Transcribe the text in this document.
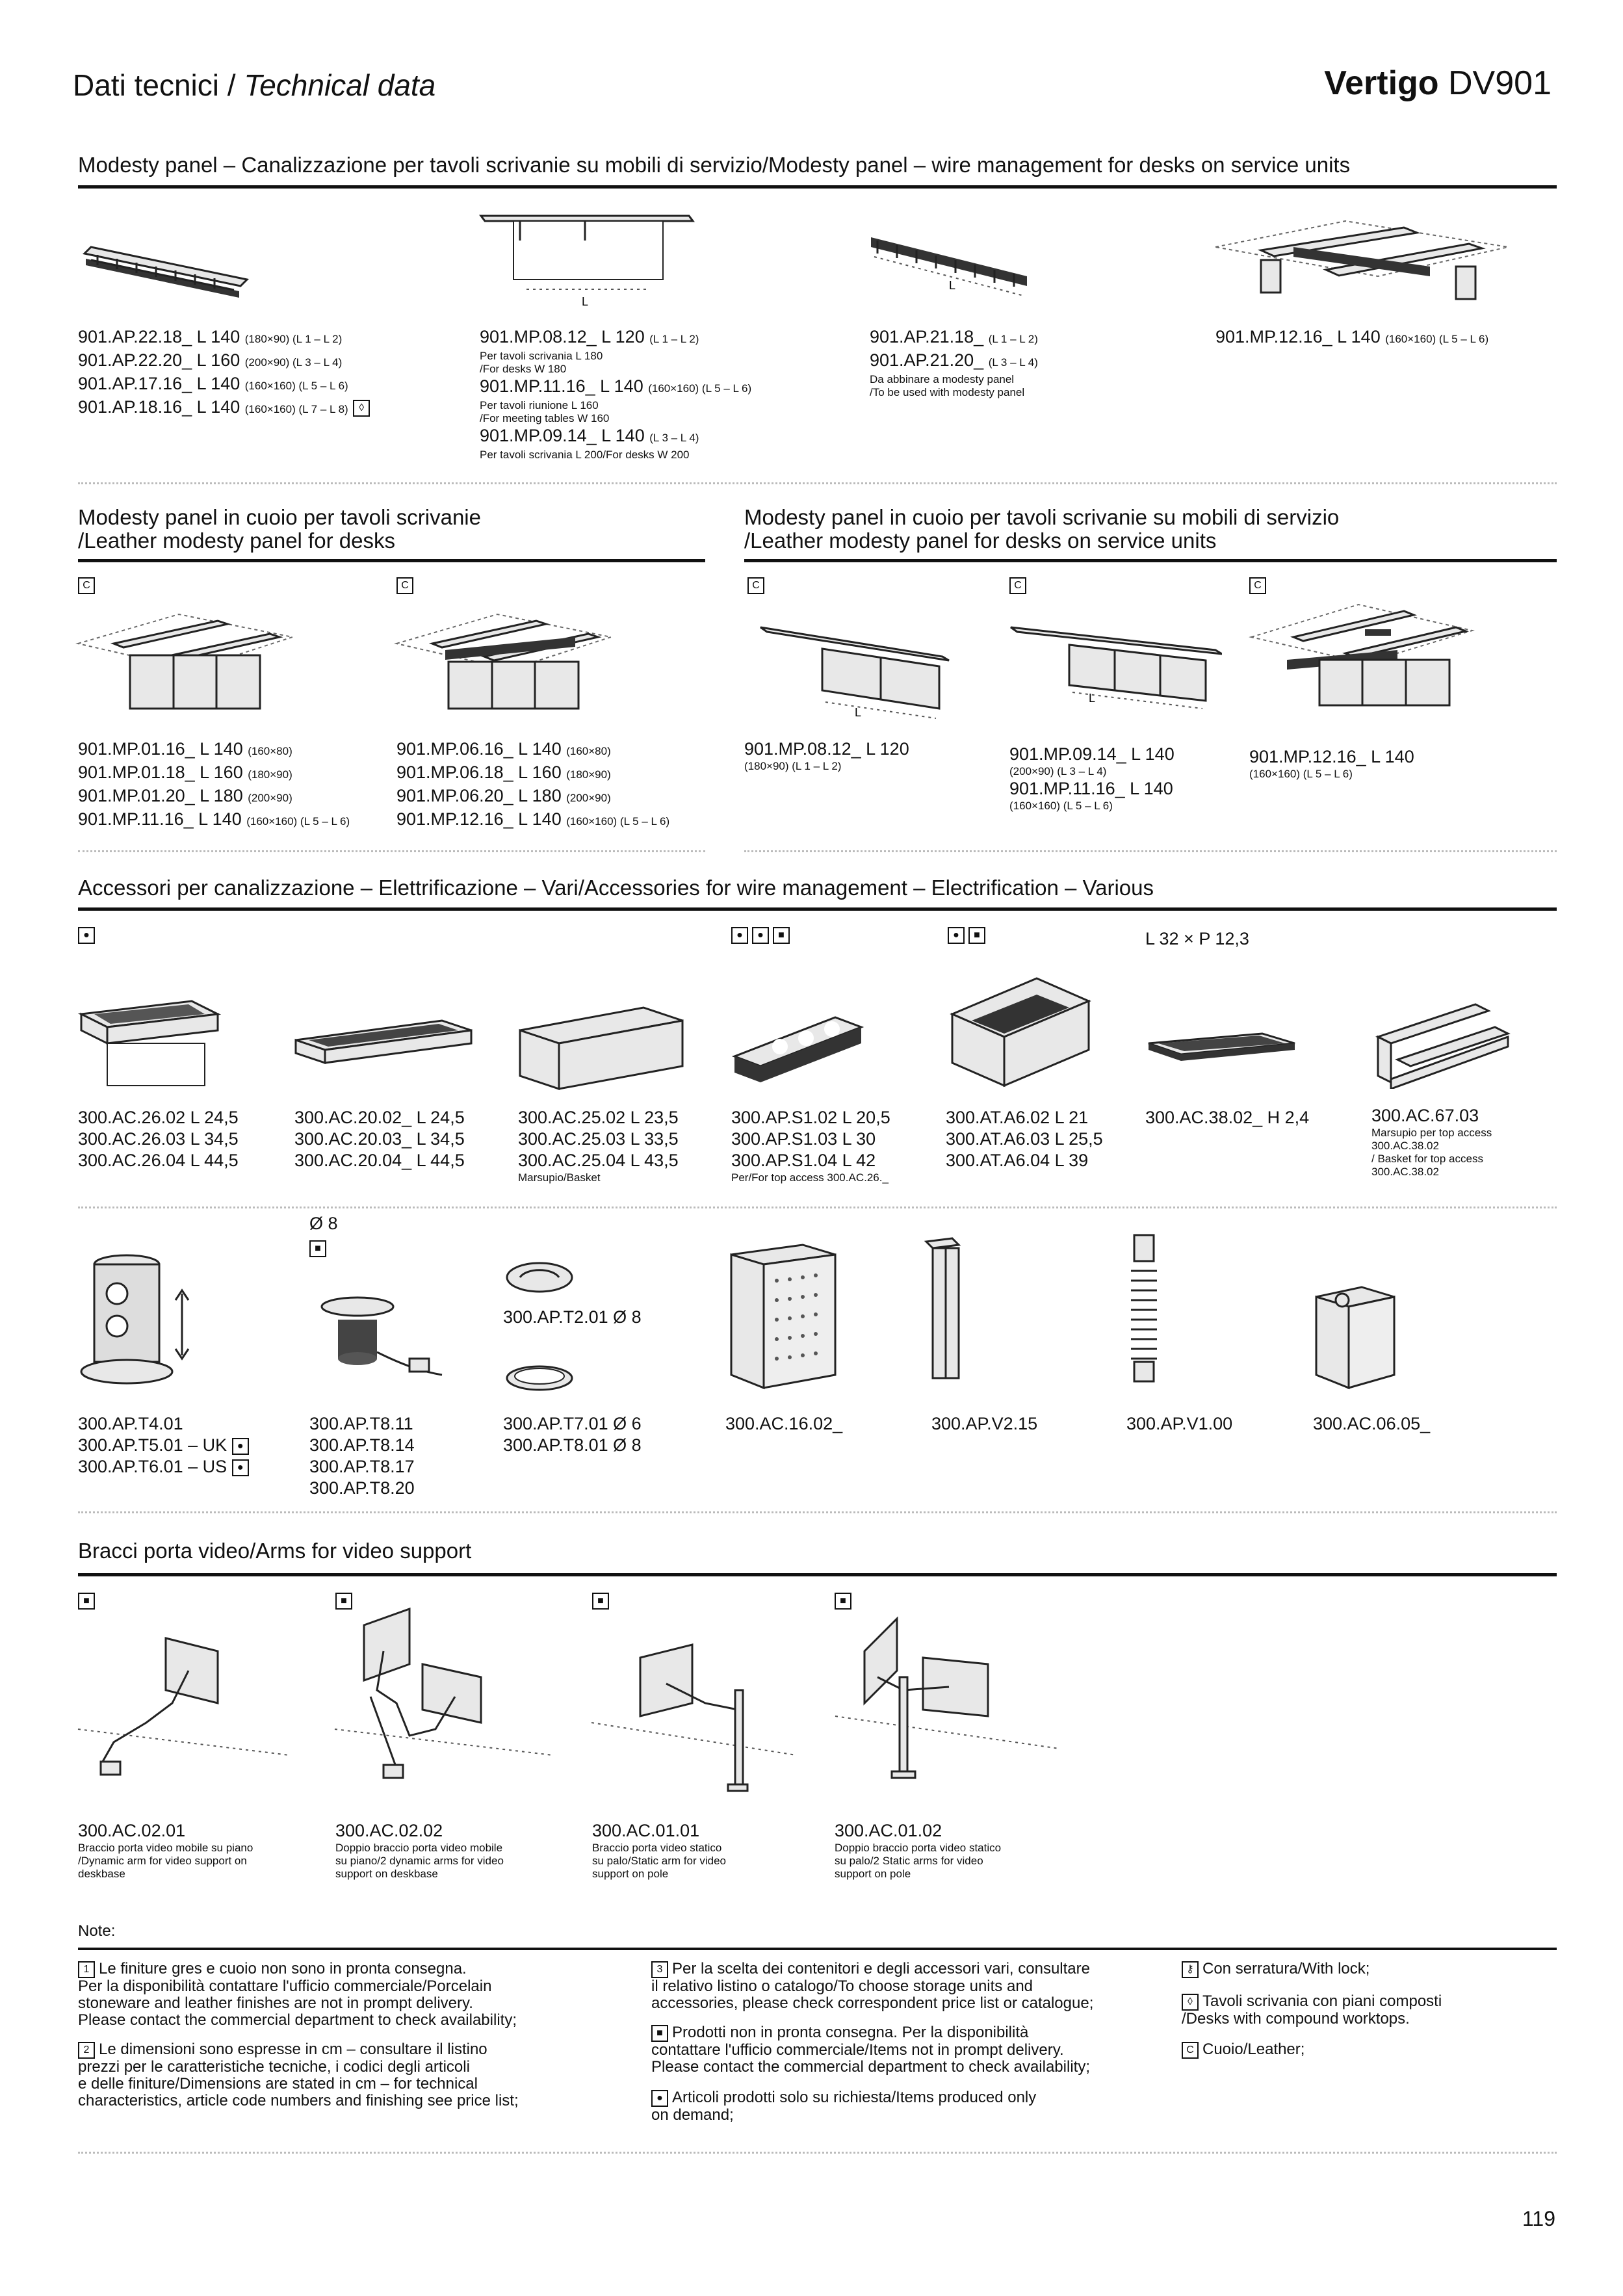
Dati tecnici / Technical data	Vertigo DV901
Modesty panel – Canalizzazione per tavoli scrivanie su mobili di servizio/Modesty panel – wire management for desks on service units
L
L
901.AP.22.18_ L 140 (180×90) (L 1 – L 2)
901.AP.22.20_ L 160 (200×90) (L 3 – L 4)
901.AP.17.16_ L 140 (160×160) (L 5 – L 6)
901.AP.18.16_ L 140 (160×160) (L 7 – L 8) ◊
901.MP.08.12_ L 120 (L 1 – L 2)
Per tavoli scrivania L 180
/For desks W 180
901.MP.11.16_ L 140 (160×160) (L 5 – L 6)
Per tavoli riunione L 160
/For meeting tables W 160
901.MP.09.14_ L 140 (L 3 – L 4)
Per tavoli scrivania L 200/For desks W 200
901.AP.21.18_ (L 1 – L 2)
901.AP.21.20_ (L 3 – L 4)
Da abbinare a modesty panel
/To be used with modesty panel
901.MP.12.16_ L 140 (160×160) (L 5 – L 6)
Modesty panel in cuoio per tavoli scrivanie
/Leather modesty panel for desks
C	C
901.MP.01.16_ L 140 (160×80)
901.MP.01.18_ L 160 (180×90)
901.MP.01.20_ L 180 (200×90)
901.MP.11.16_ L 140 (160×160) (L 5 – L 6)
901.MP.06.16_ L 140 (160×80)
901.MP.06.18_ L 160 (180×90)
901.MP.06.20_ L 180 (200×90)
901.MP.12.16_ L 140 (160×160) (L 5 – L 6)
Modesty panel in cuoio per tavoli scrivanie su mobili di servizio
/Leather modesty panel for desks on service units
C	C	C
L
L
901.MP.08.12_ L 120
(180×90) (L 1 – L 2)
901.MP.09.14_ L 140
(200×90) (L 3 – L 4)
901.MP.11.16_ L 140
(160×160) (L 5 – L 6)
901.MP.12.16_ L 140
(160×160) (L 5 – L 6)
Accessori per canalizzazione – Elettrificazione – Vari/Accessories for wire management – Electrification – Various
●	● ● ■	● ■	L 32 × P 12,3
300.AC.26.02 L 24,5
300.AC.26.03 L 34,5
300.AC.26.04 L 44,5
300.AC.20.02_ L 24,5
300.AC.20.03_ L 34,5
300.AC.20.04_ L 44,5
300.AC.25.02 L 23,5
300.AC.25.03 L 33,5
300.AC.25.04 L 43,5
Marsupio/Basket
300.AP.S1.02 L 20,5
300.AP.S1.03 L 30
300.AP.S1.04 L 42
Per/For top access 300.AC.26._
300.AT.A6.02 L 21
300.AT.A6.03 L 25,5
300.AT.A6.04 L 39
300.AC.38.02_ H 2,4	300.AC.67.03
Marsupio per top access
300.AC.38.02
/ Basket for top access
300.AC.38.02
Ø 8
■
300.AP.T2.01 Ø 8
300.AP.T4.01
300.AP.T5.01 – UK ●
300.AP.T6.01 – US ●
300.AP.T8.11
300.AP.T8.14
300.AP.T8.17
300.AP.T8.20
300.AP.T7.01 Ø 6
300.AP.T8.01 Ø 8
300.AC.16.02_	300.AP.V2.15	300.AP.V1.00	300.AC.06.05_
Bracci porta video/Arms for video support
■	■	■	■
300.AC.02.01
Braccio porta video mobile su piano
/Dynamic arm for video support on
deskbase
300.AC.02.02
Doppio braccio porta video mobile
su piano/2 dynamic arms for video
support on deskbase
300.AC.01.01
Braccio porta video statico
su palo/Static arm for video
support on pole
300.AC.01.02
Doppio braccio porta video statico
su palo/2 Static arms for video
support on pole
Note:
1 Le finiture gres e cuoio non sono in pronta consegna.
Per la disponibilità contattare l'ufficio commerciale/Porcelain
stoneware and leather finishes are not in prompt delivery.
Please contact the commercial department to check availability;
2 Le dimensioni sono espresse in cm – consultare il listino
prezzi per le caratteristiche tecniche, i codici degli articoli
e delle finiture/Dimensions are stated in cm – for technical
characteristics, article code numbers and finishing see price list;
3 Per la scelta dei contenitori e degli accessori vari, consultare
il relativo listino o catalogo/To choose storage units and
accessories, please check correspondent price list or catalogue;
■ Prodotti non in pronta consegna. Per la disponibilità
contattare l'ufficio commerciale/Items not in prompt delivery.
Please contact the commercial department to check availability;
● Articoli prodotti solo su richiesta/Items produced only
on demand;
⚷ Con serratura/With lock;
◊ Tavoli scrivania con piani composti
/Desks with compound worktops.
C Cuoio/Leather;
119
